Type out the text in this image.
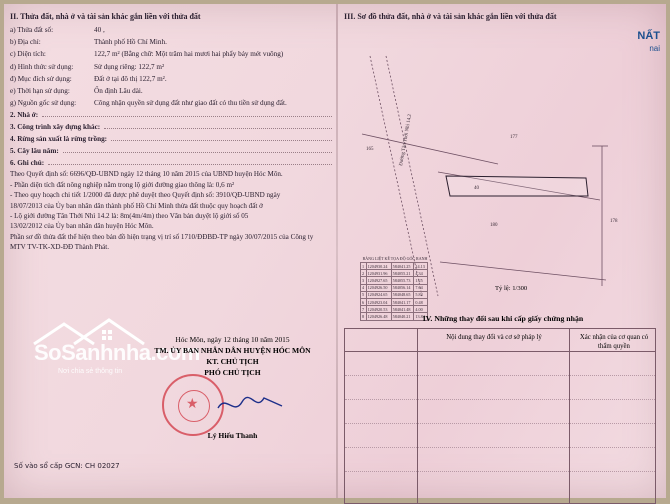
II. Thửa đất, nhà ở và tài sản khác gắn liền với thửa đất
a) Thửa đất số:	40 ,
b) Địa chỉ:	Thành phố Hồ Chí Minh.
c) Diện tích:	122,7 m² (Bằng chữ: Một trăm hai mươi hai phẩy bảy mét vuông)
d) Hình thức sử dụng:	Sử dụng riêng: 122,7 m²
đ) Mục đích sử dụng:	Đất ở tại đô thị 122,7 m².
e) Thời hạn sử dụng:	Ổn định Lâu dài.
g) Nguồn gốc sử dụng:	Công nhận quyền sử dụng đất như giao đất có thu tiền sử dụng đất.
2. Nhà ở:
3. Công trình xây dựng khác:
4. Rừng sản xuất là rừng trồng:
5. Cây lâu năm:
6. Ghi chú:
Theo Quyết định số: 6696/QĐ-UBND ngày 12 tháng 10 năm 2015 của UBND huyện Hóc Môn.
- Phần diện tích đất nông nghiệp nằm trong lộ giới đường giao thông là: 0,6 m²
- Theo quy hoạch chi tiết 1/2000 đã được phê duyệt theo Quyết định số: 3910/QĐ-UBND ngày
18/07/2013 của Ủy ban nhân dân thành phố Hồ Chí Minh thửa đất thuộc quy hoạch đất ở
- Lộ giới đường Tân Thới Nhì 14.2 là: 8m(4m/4m) theo Văn bản duyệt lộ giới số 05
13/02/2012 của Ủy ban nhân dân huyện Hóc Môn.
Phần sơ đồ thửa đất thể hiện theo bản đồ hiện trạng vị trí số 1710/ĐĐBĐ-TP ngày 30/07/2015 của Công ty
MTV TV-TK-XD-ĐĐ Thành Phát.
SoSanhnha.com
Nơi chia sẻ thông tin
Hóc Môn, ngày 12 tháng 10 năm 2015
TM. ỦY BAN NHÂN DÂN HUYỆN HÓC MÔN
KT. CHỦ TỊCH
PHÓ CHỦ TỊCH
Lý Hiếu Thanh
★
Số vào sổ cấp GCN: CH 02027
III. Sơ đồ thửa đất, nhà ở và tài sản khác gắn liền với thửa đất
NẤT
nai
40
177
165
180
178
Đường Tân Thới Nhì 14.2
BẢNG LIỆT KÊ TỌA ĐỘ GÓC RANH
1	1204930.24	584041.25	14.13
2	1204931.96	584055.21	4.34
3	1204927.65	584055.73	1.25
4	1204926.50	584056.14	7.64
5	1204924.65	584048.65	5.82
6	1204923.04	584041.17	0.48
7	1204920.53	584041.48	4.00
8	1204926.48	584040.21	13.84
Tỷ lệ: 1/300
IV. Những thay đổi sau khi cấp giấy chứng nhận
Nội dung thay đổi và cơ sở pháp lý	Xác nhận của cơ quan có thẩm quyền
